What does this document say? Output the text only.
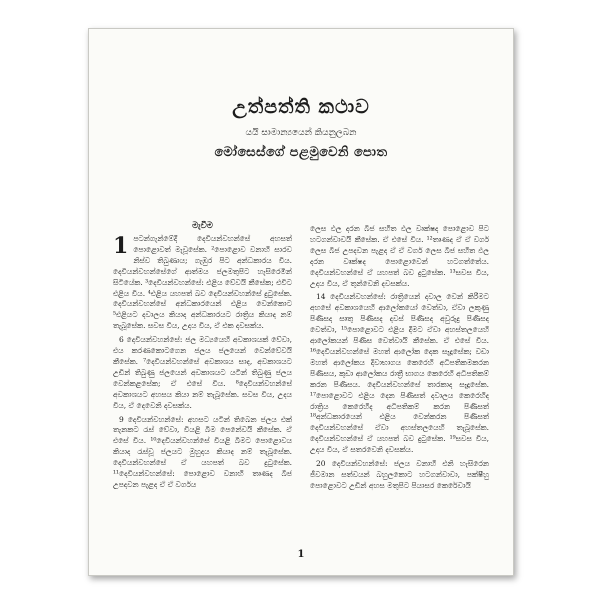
උත්පත්ති කථාව
යයි සාමාන්‍යයෙන් කියනුලබන
මෝසෙස්ගේ පළමුවෙනි පොත
මැවීම

1 පටන්ගැන්මේදී දෙවියන්වහන්සේ අහසත් පොළොවත් මැවූසේක. ²පොළොව වනාහි සාරව නිස්ව තිබුණාය; ගැඹුර පිට අන්ධකාරය විය. දෙවියන්වහන්සේගේ ආත්මය ජලමතුපිට හැසිරෙමින් සිටියේක. ³දෙවියන්වහන්සේ: එළිය වේවයි කීසේක; එවිට එළිය විය. ⁴එළිය යහපත් බව දෙවියන්වහන්සේ දුටුසේක. දෙවියන්වහන්සේ අන්ධකාරයෙන් එළිය වෙන්කොට ⁵එළියට දවාලය කියාද අන්ධකාරයට රාත්‍රිය කියාද නම් තැබූසේක. සවස විය, උදය විය, ඒ එක දවසක්ය.

6 දෙවියන්වහන්සේ: ජල මධ්‍යයෙහි අවකාශයක් වේවා, එය කරණකොටගෙන ජලය ජලයෙන් වෙන්වේවයි කීසේක. ⁷දෙවියන්වහන්සේ අවකාශය සාද, අවකාශයට උඩින් තිබුණු ජලයෙන් අවකාශයට යටින් තිබුණු ජලය වෙන්කළසේක; ඒ එසේ විය. ⁸දෙවියන්වහන්සේ අවකාශයට අහසය කියා නම් තැබූසේක. සවස විය, උදය විය, ඒ දෙවෙනි දවසක්ය.

9 දෙවියන්වහන්සේ: අහසට යටින් තිබෙන ජලය එක් තැනකට රැස් වේවා, වියළි බිම පෙනේවයි කීසේක. ඒ එසේ විය. ¹⁰දෙවියන්වහන්සේ වියළි බිමට පොළොවය කියාද රැස්වූ ජලයට මුහුදය කියාද නම් තැබූසේක. දෙවියන්වහන්සේ ඒ යහපත් බව දුටුසේක. ¹¹දෙවියන්වහන්සේ: පොළොව වනාහි තෘණද බීජ උපදවන පැළද ඒ ඒ වර්ගය

ලෙස ඵල දරන බීජ සහිත ඵල වෘක්ෂද පොළොව පිට හටගන්වාවයි කීසේක. ඒ එසේ විය. ¹²තෘණද ඒ ඒ වර්ග ලෙස බීජ උපදවන පැළද ඒ ඒ වර්ග ලෙස බීජ සහිත ඵල දරන වෘක්ෂද පොළොවෙන් හටගත්තේය. දෙවියන්වහන්සේ ඒ යහපත් බව දුටුසේක. ¹³සවස විය, උදය විය, ඒ තුන්වෙනි දවසක්ය.

14 දෙවියන්වහන්සේ: රාත්‍රියෙන් දවාල වෙන් කිරීමට අහසේ අවකාශයෙහි ආලෝකයෝ වෙත්වා, ඒවා ලකුණු පිණිසද සෘතු පිණිසද දවස් පිණිසද අවුරුදු පිණිසද වෙත්වා, ¹⁵පොළොවට එළිය දීමට ඒවා අහස්තලයෙහි ආලෝකයන් පිණිස වෙත්වායි කීසේක. ඒ එසේ විය. ¹⁶දෙවියන්වහන්සේ මහත් ආලෝක දෙක සෑදූසේක; වඩා මහත් ආලෝකය දිවාභාගය කෙරෙහි අධිපතිකමකරන පිණිසය, කුඩා ආලෝකය රාත්‍රී භාගය කෙරෙහි අධිපතිකම් කරන පිණිසය. දෙවියන්වහන්සේ තාරකාද සෑදූසේක. ¹⁷පොළොවට එළිය දෙන පිණිසත් දවාලය කෙරෙහිද රාත්‍රිය කෙරෙහිද අධිපතිකම් කරන පිණිසත් ¹⁸අන්ධකාරයෙන් එළිය වෙන්කරන පිණිසත් දෙවියන්වහන්සේ ඒවා අහස්තලයෙහි තැබූසේක. දෙවියන්වහන්සේ ඒ යහපත් බව දුටුසේක. ¹⁹සවස විය, උදය විය, ඒ සතරවෙනි දවසක්ය.

20 දෙවියන්වහන්සේ: ජලය වනාහි එනි හැසිරෙන ජීවමාන සත්වයන් බහුලකොට හටගන්වාවා, පක්ෂීහු පොළොවට උඩින් අහස මතුපිට පියාසර කෙරේවායි

1
